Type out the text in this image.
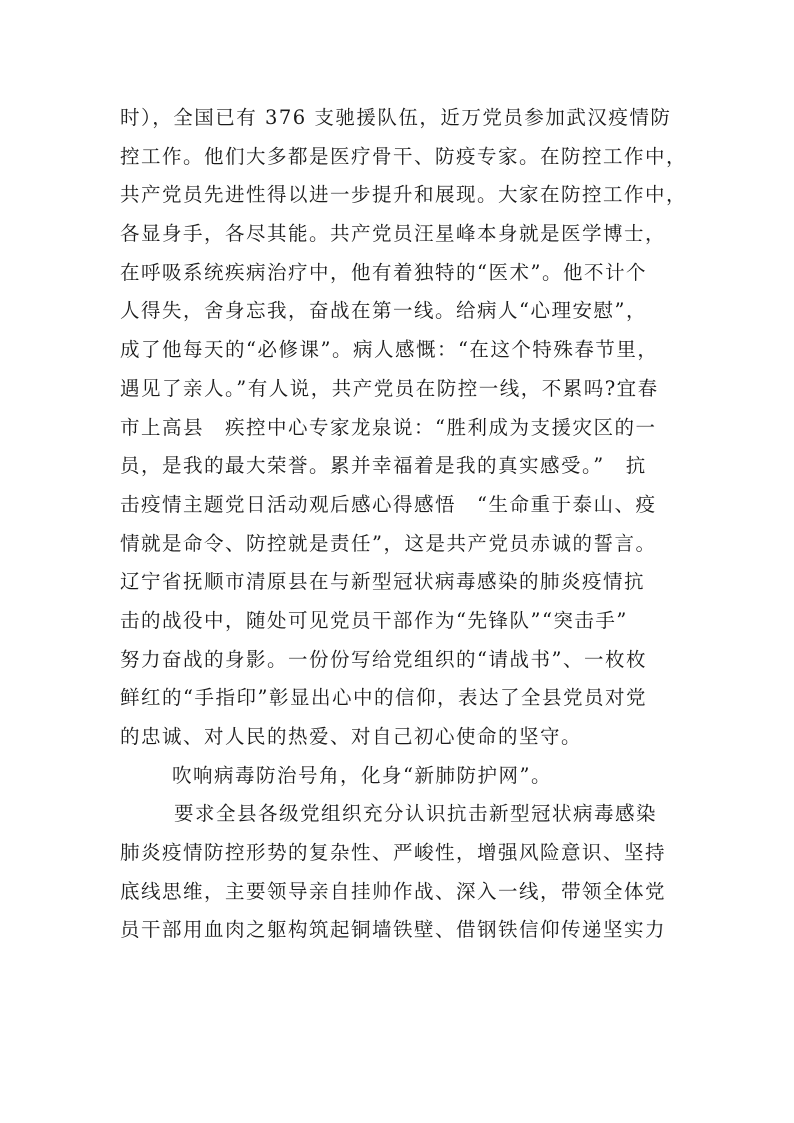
时），全国已有 376 支驰援队伍，近万党员参加武汉疫情防
控工作。他们大多都是医疗骨干、防疫专家。在防控工作中，
共产党员先进性得以进一步提升和展现。大家在防控工作中，
各显身手，各尽其能。共产党员汪星峰本身就是医学博士，
在呼吸系统疾病治疗中，他有着独特的“医术”。他不计个
人得失，舍身忘我，奋战在第一线。给病人“心理安慰”，
成了他每天的“必修课”。病人感慨：“在这个特殊春节里，
遇见了亲人。”有人说，共产党员在防控一线，不累吗?宜春
市上高县　疾控中心专家龙泉说：“胜利成为支援灾区的一
员，是我的最大荣誉。累并幸福着是我的真实感受。”　抗
击疫情主题党日活动观后感心得感悟　“生命重于泰山、疫
情就是命令、防控就是责任”，这是共产党员赤诚的誓言。
辽宁省抚顺市清原县在与新型冠状病毒感染的肺炎疫情抗
击的战役中，随处可见党员干部作为“先锋队”“突击手”
努力奋战的身影。一份份写给党组织的“请战书”、一枚枚
鲜红的“手指印”彰显出心中的信仰，表达了全县党员对党
的忠诚、对人民的热爱、对自己初心使命的坚守。
吹响病毒防治号角，化身“新肺防护网”。
要求全县各级党组织充分认识抗击新型冠状病毒感染
肺炎疫情防控形势的复杂性、严峻性，增强风险意识、坚持
底线思维，主要领导亲自挂帅作战、深入一线，带领全体党
员干部用血肉之躯构筑起铜墙铁壁、借钢铁信仰传递坚实力
